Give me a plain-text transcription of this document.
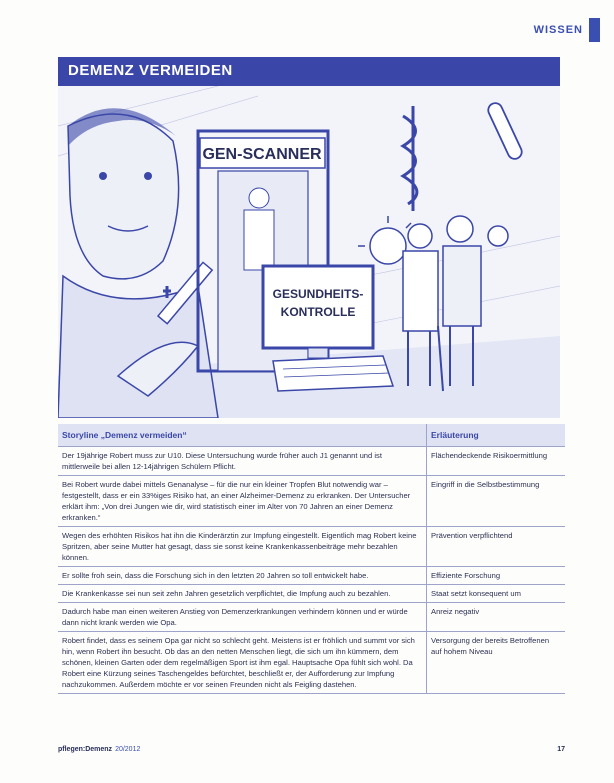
WISSEN
DEMENZ VERMEIDEN
GEN-SCANNER
GESUNDHEITS-
KONTROLLE

Storyline „Demenz vermeiden“	Erläuterung
Der 19jährige Robert muss zur U10. Diese Untersuchung wurde früher auch J1 genannt und ist mittlerweile bei allen 12-14jährigen Schülern Pflicht.	Flächendeckende Risikoermittlung
Bei Robert wurde dabei mittels Genanalyse – für die nur ein kleiner Tropfen Blut notwendig war – festgestellt, dass er ein 33%iges Risiko hat, an einer Alzheimer-Demenz zu erkranken. Der Untersucher erklärt ihm: „Von drei Jungen wie dir, wird statistisch einer im Alter von 70 Jahren an einer Demenz erkranken.“	Eingriff in die Selbstbestimmung
Wegen des erhöhten Risikos hat ihn die Kinderärztin zur Impfung eingestellt. Eigentlich mag Robert keine Spritzen, aber seine Mutter hat gesagt, dass sie sonst keine Krankenkassenbeiträge mehr bezahlen können.	Prävention verpflichtend
Er sollte froh sein, dass die Forschung sich in den letzten 20 Jahren so toll entwickelt habe.	Effiziente Forschung
Die Krankenkasse sei nun seit zehn Jahren gesetzlich verpflichtet, die Impfung auch zu bezahlen.	Staat setzt konsequent um
Dadurch habe man einen weiteren Anstieg von Demenzerkrankungen verhindern können und er würde dann nicht krank werden wie Opa.	Anreiz negativ
Robert findet, dass es seinem Opa gar nicht so schlecht geht. Meistens ist er fröhlich und summt vor sich hin, wenn Robert ihn besucht. Ob das an den netten Menschen liegt, die sich um ihn kümmern, dem schönen, kleinen Garten oder dem regelmäßigen Sport ist ihm egal. Hauptsache Opa fühlt sich wohl. Da Robert eine Kürzung seines Taschengeldes befürchtet, beschließt er, der Aufforderung zur Impfung nachzukommen. Außerdem möchte er vor seinen Freunden nicht als Feigling dastehen.	Versorgung der bereits Betroffenen auf hohem Niveau
pflegen:Demenz 20/2012	17
